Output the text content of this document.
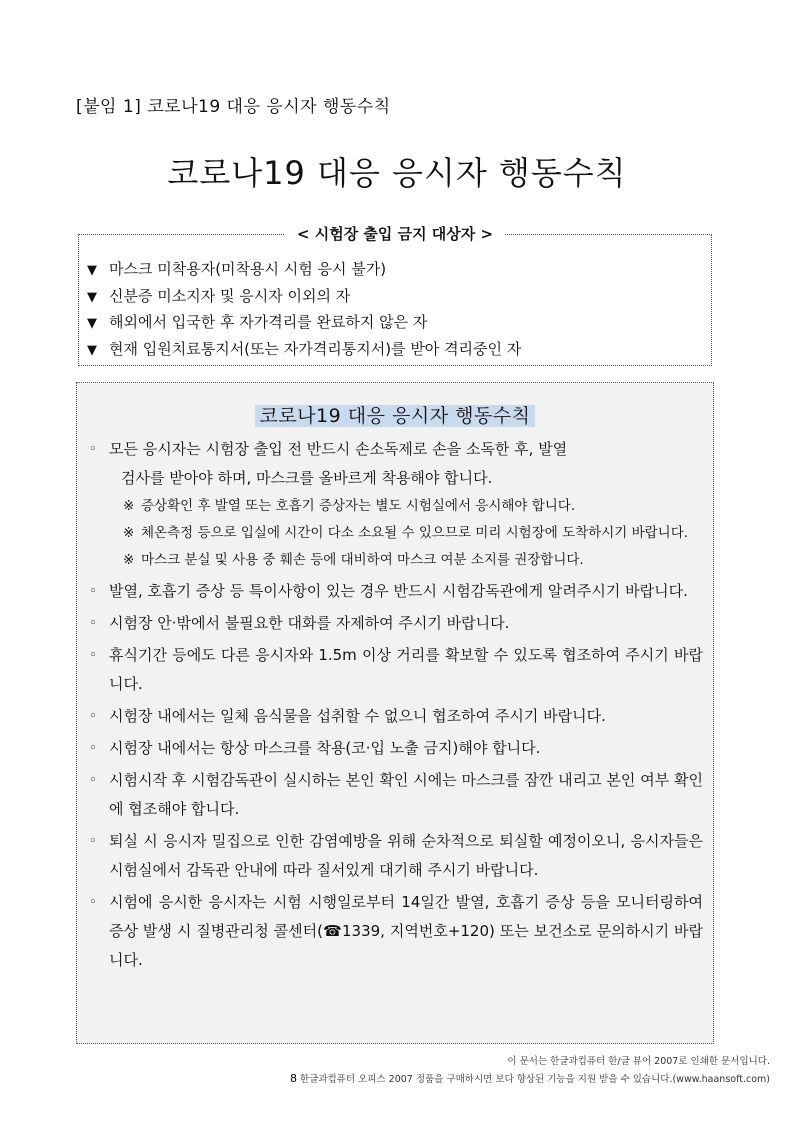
[붙임 1] 코로나19 대응 응시자 행동수칙
코로나19 대응 응시자 행동수칙
< 시험장 출입 금지 대상자 >
▼ 마스크 미착용자(미착용시 시험 응시 불가)
▼ 신분증 미소지자 및 응시자 이외의 자
▼ 해외에서 입국한 후 자가격리를 완료하지 않은 자
▼ 현재 입원치료통지서(또는 자가격리통지서)를 받아 격리중인 자
코로나19 대응 응시자 행동수칙
◦ 모든 응시자는 시험장 출입 전 반드시 손소독제로 손을 소독한 후, 발열
검사를 받아야 하며, 마스크를 올바르게 착용해야 합니다.
※ 증상확인 후 발열 또는 호흡기 증상자는 별도 시험실에서 응시해야 합니다.
※ 체온측정 등으로 입실에 시간이 다소 소요될 수 있으므로 미리 시험장에 도착하시기 바랍니다.
※ 마스크 분실 및 사용 중 훼손 등에 대비하여 마스크 여분 소지를 권장합니다.
◦ 발열, 호흡기 증상 등 특이사항이 있는 경우 반드시 시험감독관에게 알려주시기 바랍니다.
◦ 시험장 안·밖에서 불필요한 대화를 자제하여 주시기 바랍니다.
◦ 휴식기간 등에도 다른 응시자와 1.5m 이상 거리를 확보할 수 있도록 협조하여 주시기 바랍니다.
◦ 시험장 내에서는 일체 음식물을 섭취할 수 없으니 협조하여 주시기 바랍니다.
◦ 시험장 내에서는 항상 마스크를 착용(코·입 노출 금지)해야 합니다.
◦ 시험시작 후 시험감독관이 실시하는 본인 확인 시에는 마스크를 잠깐 내리고 본인 여부 확인에 협조해야 합니다.
◦ 퇴실 시 응시자 밀집으로 인한 감염예방을 위해 순차적으로 퇴실할 예정이오니, 응시자들은 시험실에서 감독관 안내에 따라 질서있게 대기해 주시기 바랍니다.
◦ 시험에 응시한 응시자는 시험 시행일로부터 14일간 발열, 호흡기 증상 등을 모니터링하여 증상 발생 시 질병관리청 콜센터(☎1339, 지역번호+120) 또는 보건소로 문의하시기 바랍니다.
이 문서는 한글과컴퓨터 한/글 뷰어 2007로 인쇄한 문서입니다.
8 한글과컴퓨터 오피스 2007 정품을 구매하시면 보다 향상된 기능을 지원 받을 수 있습니다.(www.haansoft.com)
